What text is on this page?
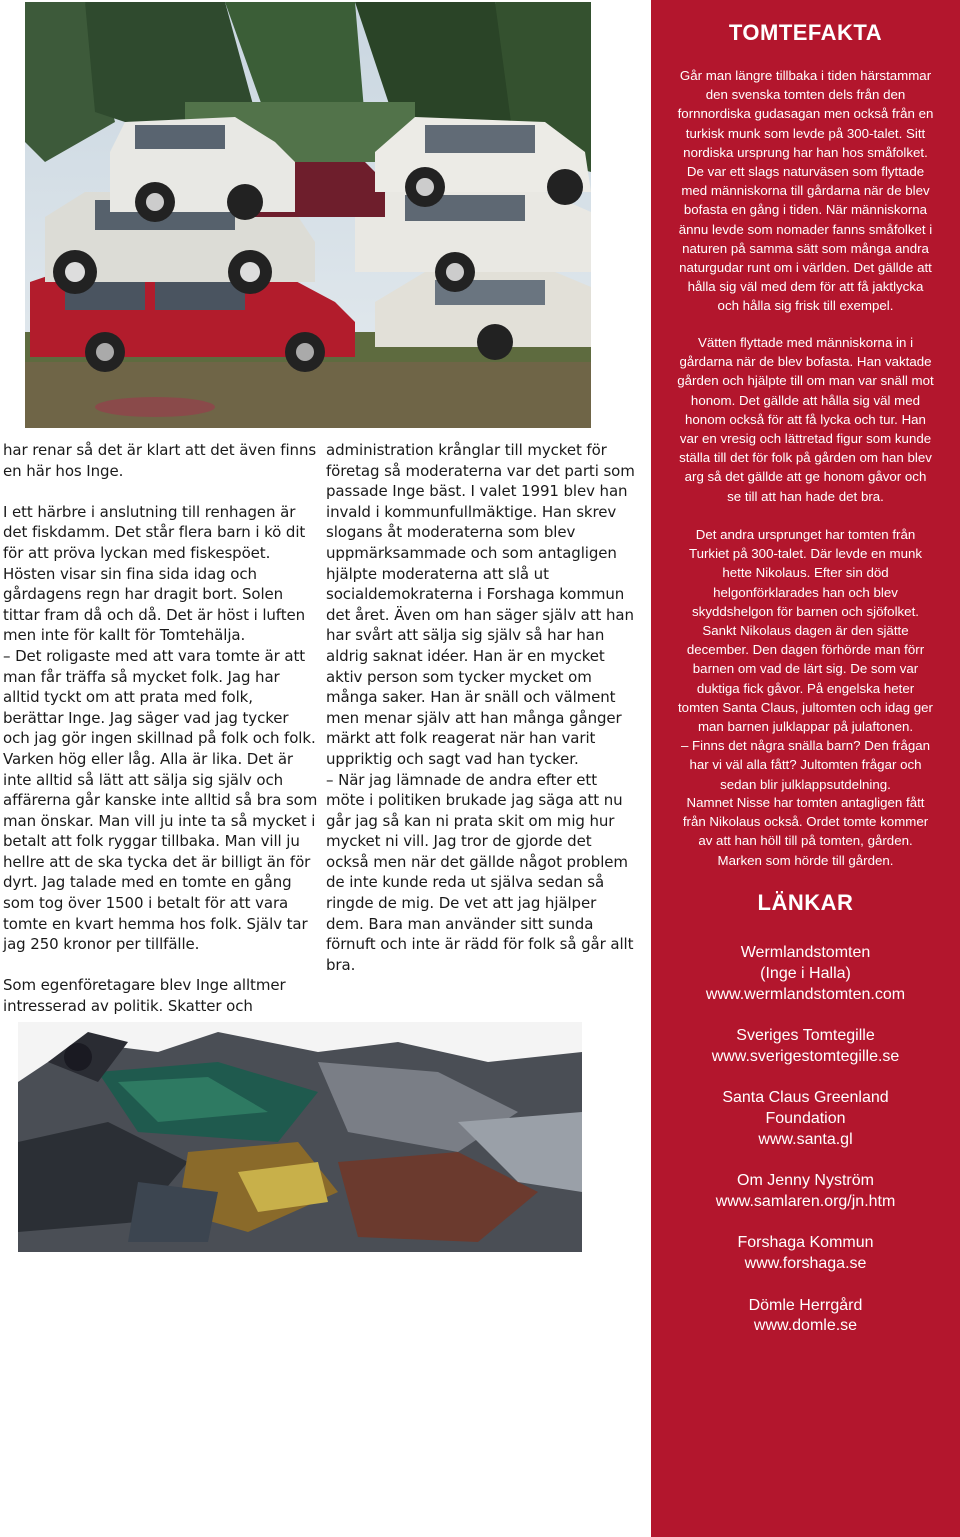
har renar så det är klart att det även finns en här hos Inge.

I ett härbre i anslutning till renhagen är det fiskdamm. Det står flera barn i kö dit för att pröva lyckan med fiskespöet. Hösten visar sin fina sida idag och gårdagens regn har dragit bort. Solen tittar fram då och då. Det är höst i luften men inte för kallt för Tomtehälja.

– Det roligaste med att vara tomte är att man får träffa så mycket folk. Jag har alltid tyckt om att prata med folk, berättar Inge. Jag säger vad jag tycker och jag gör ingen skillnad på folk och folk. Varken hög eller låg. Alla är lika. Det är inte alltid så lätt att sälja sig själv och affärerna går kanske inte alltid så bra som man önskar. Man vill ju inte ta så mycket i betalt att folk ryggar tillbaka. Man vill ju hellre att de ska tycka det är billigt än för dyrt. Jag talade med en tomte en gång som tog över 1500 i betalt för att vara tomte en kvart hemma hos folk. Själv tar jag 250 kronor per tillfälle.

Som egenföretagare blev Inge alltmer intresserad av politik. Skatter och

administration krånglar till mycket för företag så moderaterna var det parti som passade Inge bäst. I valet 1991 blev han invald i kommunfullmäktige. Han skrev slogans åt moderaterna som blev uppmärksammade och som antagligen hjälpte moderaterna att slå ut socialdemokraterna i Forshaga kommun det året. Även om han säger själv att han har svårt att sälja sig själv så har han aldrig saknat idéer. Han är en mycket aktiv person som tycker mycket om många saker. Han är snäll och välment men menar själv att han många gånger märkt att folk reagerat när han varit uppriktig och sagt vad han tycker.

– När jag lämnade de andra efter ett möte i politiken brukade jag säga att nu går jag så kan ni prata skit om mig hur mycket ni vill. Jag tror de gjorde det också men när det gällde något problem de inte kunde reda ut själva sedan så ringde de mig. De vet att jag hjälper dem. Bara man använder sitt sunda förnuft och inte är rädd för folk så går allt bra.

TOMTEFAKTA

Går man längre tillbaka i tiden härstammar den svenska tomten dels från den fornnordiska gudasagan men också från en turkisk munk som levde på 300-talet. Sitt nordiska ursprung har han hos småfolket. De var ett slags naturväsen som flyttade med människorna till gårdarna när de blev bofasta en gång i tiden. När människorna ännu levde som nomader fanns småfolket i naturen på samma sätt som många andra naturgudar runt om i världen. Det gällde att hålla sig väl med dem för att få jaktlycka och hålla sig frisk till exempel.

Vätten flyttade med människorna in i gårdarna när de blev bofasta. Han vaktade gården och hjälpte till om man var snäll mot honom. Det gällde att hålla sig väl med honom också för att få lycka och tur. Han var en vresig och lättretad figur som kunde ställa till det för folk på gården om han blev arg så det gällde att ge honom gåvor och se till att han hade det bra.

Det andra ursprunget har tomten från Turkiet på 300-talet. Där levde en munk hette Nikolaus. Efter sin död helgonförklarades han och blev skyddshelgon för barnen och sjöfolket. Sankt Nikolaus dagen är den sjätte december. Den dagen förhörde man förr barnen om vad de lärt sig. De som var duktiga fick gåvor. På engelska heter tomten Santa Claus, jultomten och idag ger man barnen julklappar på julaftonen.

– Finns det några snälla barn? Den frågan har vi väl alla fått? Jultomten frågar och sedan blir julklappsutdelning.

Namnet Nisse har tomten antagligen fått från Nikolaus också. Ordet tomte kommer av att han höll till på tomten, gården. Marken som hörde till gården.

LÄNKAR
Wermlandstomten
(Inge i Halla)
www.wermlandstomten.com
Sveriges Tomtegille
www.sverigestomtegille.se
Santa Claus Greenland
Foundation
www.santa.gl
Om Jenny Nyström
www.samlaren.org/jn.htm
Forshaga Kommun
www.forshaga.se
Dömle Herrgård
www.domle.se
